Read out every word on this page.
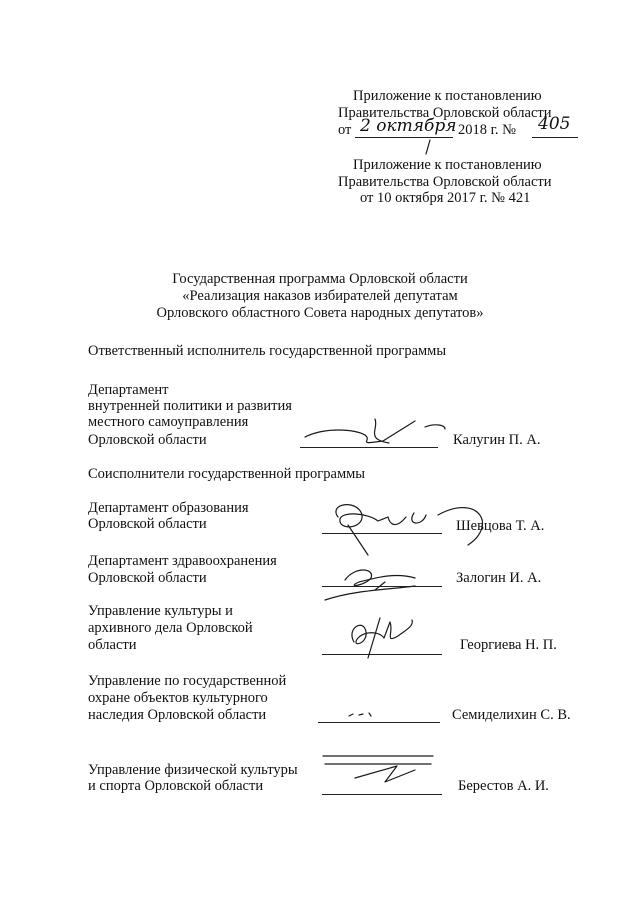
Приложение к постановлению
Правительства Орловской области
от 2 октября 2018 г. № 405
Приложение к постановлению
Правительства Орловской области
от 10 октября 2017 г. № 421
Государственная программа Орловской области
«Реализация наказов избирателей депутатам
Орловского областного Совета народных депутатов»
Ответственный исполнитель государственной программы
Департамент
внутренней политики и развития
местного самоуправления
Орловской области	Калугин П. А.
Соисполнители государственной программы
Департамент образования
Орловской области	Шевцова Т. А.
Департамент здравоохранения
Орловской области	Залогин И. А.
Управление культуры и
архивного дела Орловской
области	Георгиева Н. П.
Управление по государственной
охране объектов культурного
наследия Орловской области	Семиделихин С. В.
Управление физической культуры
и спорта Орловской области	Берестов А. И.
